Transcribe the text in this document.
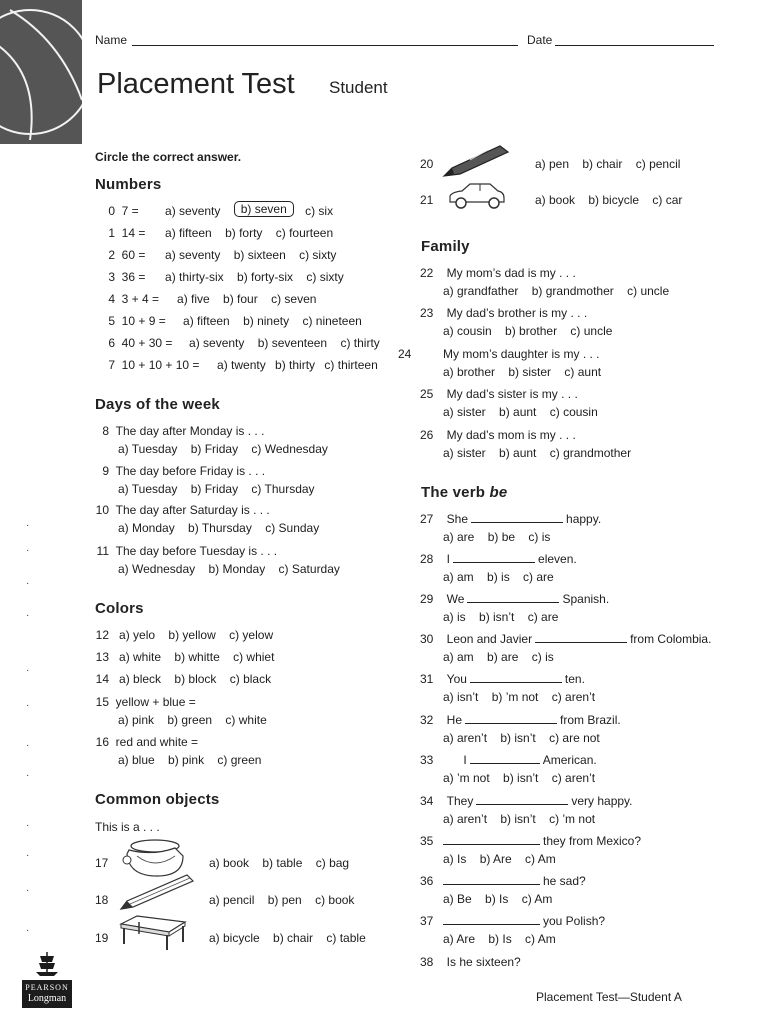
Name	Date
Placement Test Student
Circle the correct answer.
Numbers
0 7 = a) seventy b) seven c) six
1 14 = a) fifteen b) forty c) fourteen
2 60 = a) seventy b) sixteen c) sixty
3 36 = a) thirty-six b) forty-six c) sixty
4 3 + 4 = a) five b) four c) seven
5 10 + 9 = a) fifteen b) ninety c) nineteen
6 40 + 30 = a) seventy b) seventeen c) thirty
7 10 + 10 + 10 = a) twenty b) thirty c) thirteen
Days of the week
8 The day after Monday is . . .
a) Tuesday b) Friday c) Wednesday
9 The day before Friday is . . .
a) Tuesday b) Friday c) Thursday
10 The day after Saturday is . . .
a) Monday b) Thursday c) Sunday
11 The day before Tuesday is . . .
a) Wednesday b) Monday c) Saturday
Colors
12 a) yelo b) yellow c) yelow
13 a) white b) whitte c) whiet
14 a) bleck b) block c) black
15 yellow + blue =
a) pink b) green c) white
16 red and white =
a) blue b) pink c) green
Common objects
This is a . . .
17	a) book b) table c) bag
18	a) pencil b) pen c) book
19	a) bicycle b) chair c) table
20	a) pen b) chair c) pencil
21	a) book b) bicycle c) car
Family
22 My mom’s dad is my . . .
a) grandfather b) grandmother c) uncle
23 My dad’s brother is my . . .
a) cousin b) brother c) uncle
24	My mom’s daughter is my . . .
a) brother b) sister c) aunt
25 My dad’s sister is my . . .
a) sister b) aunt c) cousin
26 My dad’s mom is my . . .
a) sister b) aunt c) grandmother
The verb be
27 She	happy.
a) are b) be c) is
28 I	eleven.
a) am b) is c) are
29 We	Spanish.
a) is b) isn’t c) are
30 Leon and Javier	from Colombia.
a) am b) are c) is
31 You	ten.
a) isn’t b) ’m not c) aren’t
32 He	from Brazil.
a) aren’t b) isn’t c) are not
33 I	American.
a) ’m not b) isn’t c) aren’t
34 They	very happy.
a) aren’t b) isn’t c) ’m not
35	they from Mexico?
a) Is b) Are c) Am
36	he sad?
a) Be b) Is c) Am
37	you Polish?
a) Are b) Is c) Am
38 Is he sixteen?
·
·
·
·
·
·
·
·
·
·
·
·
PEARSON
Longman	Placement Test—Student A
